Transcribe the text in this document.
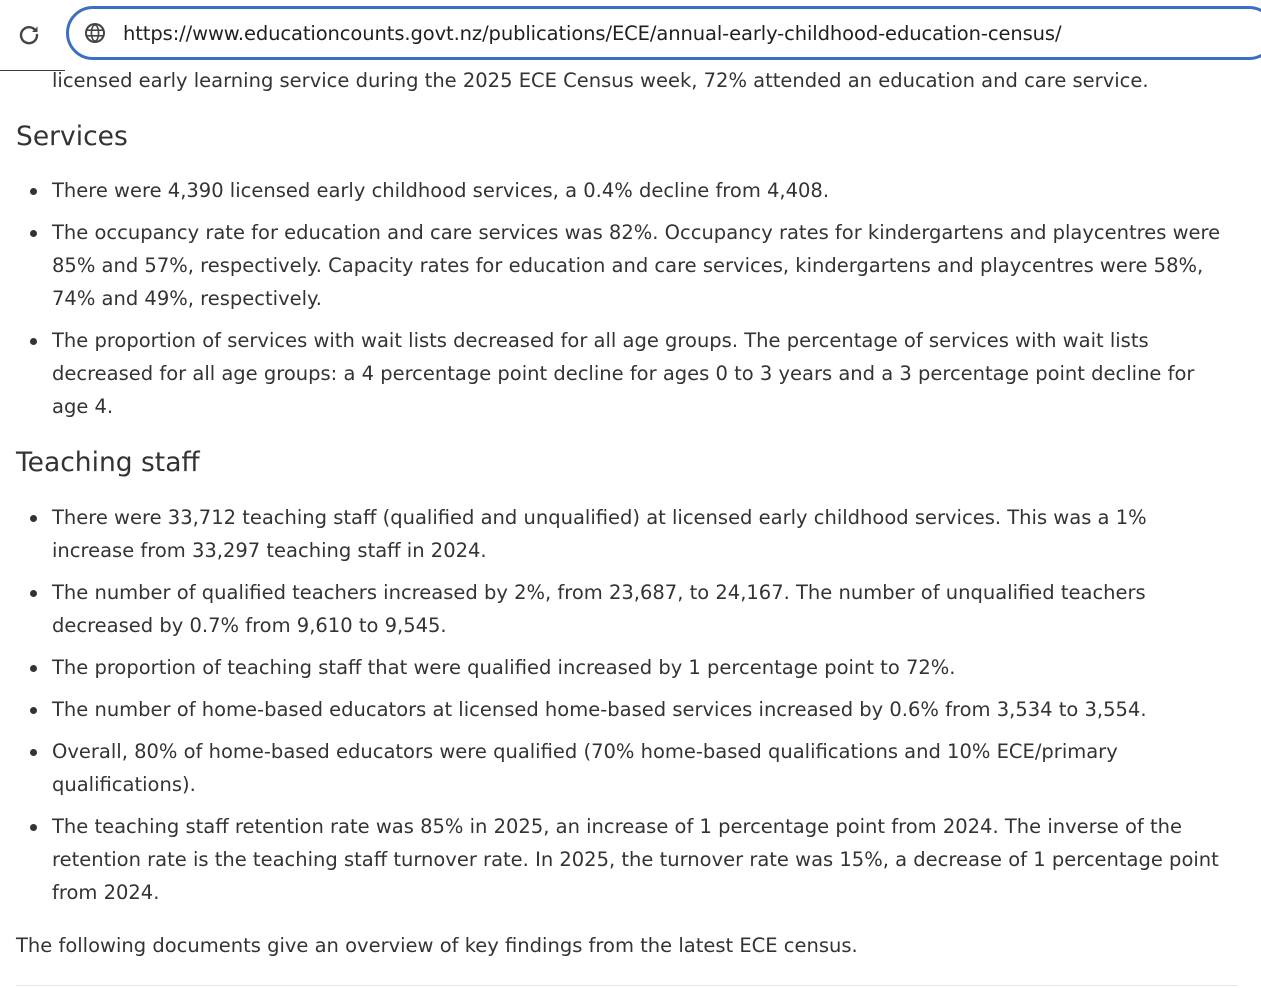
https://www.educationcounts.govt.nz/publications/ECE/annual-early-childhood-education-census/

licensed early learning service during the 2025 ECE Census week, 72% attended an education and care service.

Services
There were 4,390 licensed early childhood services, a 0.4% decline from 4,408.
The occupancy rate for education and care services was 82%. Occupancy rates for kindergartens and playcentres were 85% and 57%, respectively. Capacity rates for education and care services, kindergartens and playcentres were 58%, 74% and 49%, respectively.
The proportion of services with wait lists decreased for all age groups. The percentage of services with wait lists decreased for all age groups: a 4 percentage point decline for ages 0 to 3 years and a 3 percentage point decline for age 4.
Teaching staff
There were 33,712 teaching staff (qualified and unqualified) at licensed early childhood services. This was a 1% increase from 33,297 teaching staff in 2024.
The number of qualified teachers increased by 2%, from 23,687, to 24,167. The number of unqualified teachers decreased by 0.7% from 9,610 to 9,545.
The proportion of teaching staff that were qualified increased by 1 percentage point to 72%.
The number of home-based educators at licensed home-based services increased by 0.6% from 3,534 to 3,554.
Overall, 80% of home-based educators were qualified (70% home-based qualifications and 10% ECE/primary qualifications).
The teaching staff retention rate was 85% in 2025, an increase of 1 percentage point from 2024. The inverse of the retention rate is the teaching staff turnover rate. In 2025, the turnover rate was 15%, a decrease of 1 percentage point from 2024.

The following documents give an overview of key findings from the latest ECE census.
